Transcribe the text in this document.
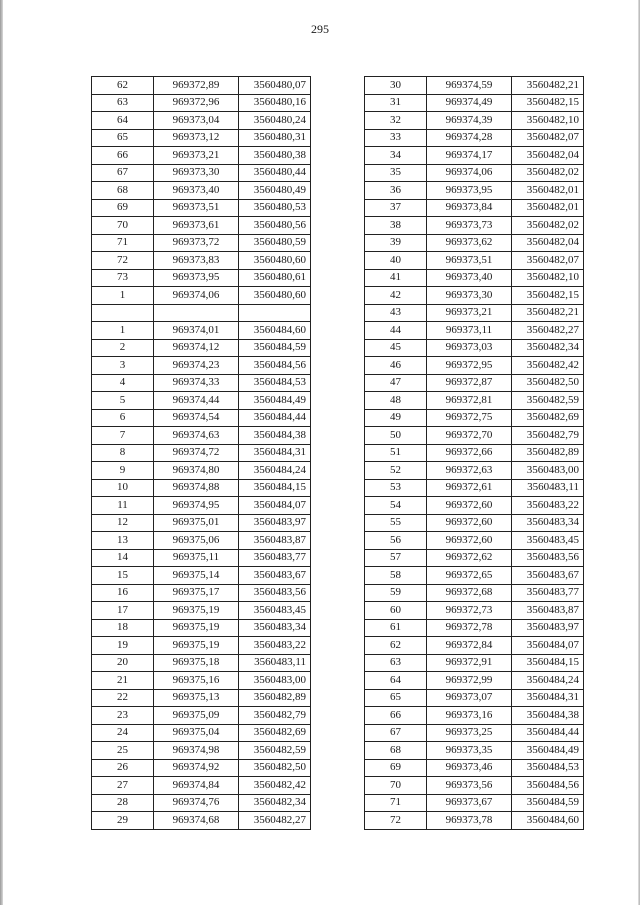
295
62	969372,89	3560480,07
63	969372,96	3560480,16
64	969373,04	3560480,24
65	969373,12	3560480,31
66	969373,21	3560480,38
67	969373,30	3560480,44
68	969373,40	3560480,49
69	969373,51	3560480,53
70	969373,61	3560480,56
71	969373,72	3560480,59
72	969373,83	3560480,60
73	969373,95	3560480,61
1	969374,06	3560480,60

1	969374,01	3560484,60
2	969374,12	3560484,59
3	969374,23	3560484,56
4	969374,33	3560484,53
5	969374,44	3560484,49
6	969374,54	3560484,44
7	969374,63	3560484,38
8	969374,72	3560484,31
9	969374,80	3560484,24
10	969374,88	3560484,15
11	969374,95	3560484,07
12	969375,01	3560483,97
13	969375,06	3560483,87
14	969375,11	3560483,77
15	969375,14	3560483,67
16	969375,17	3560483,56
17	969375,19	3560483,45
18	969375,19	3560483,34
19	969375,19	3560483,22
20	969375,18	3560483,11
21	969375,16	3560483,00
22	969375,13	3560482,89
23	969375,09	3560482,79
24	969375,04	3560482,69
25	969374,98	3560482,59
26	969374,92	3560482,50
27	969374,84	3560482,42
28	969374,76	3560482,34
29	969374,68	3560482,27
30	969374,59	3560482,21
31	969374,49	3560482,15
32	969374,39	3560482,10
33	969374,28	3560482,07
34	969374,17	3560482,04
35	969374,06	3560482,02
36	969373,95	3560482,01
37	969373,84	3560482,01
38	969373,73	3560482,02
39	969373,62	3560482,04
40	969373,51	3560482,07
41	969373,40	3560482,10
42	969373,30	3560482,15
43	969373,21	3560482,21
44	969373,11	3560482,27
45	969373,03	3560482,34
46	969372,95	3560482,42
47	969372,87	3560482,50
48	969372,81	3560482,59
49	969372,75	3560482,69
50	969372,70	3560482,79
51	969372,66	3560482,89
52	969372,63	3560483,00
53	969372,61	3560483,11
54	969372,60	3560483,22
55	969372,60	3560483,34
56	969372,60	3560483,45
57	969372,62	3560483,56
58	969372,65	3560483,67
59	969372,68	3560483,77
60	969372,73	3560483,87
61	969372,78	3560483,97
62	969372,84	3560484,07
63	969372,91	3560484,15
64	969372,99	3560484,24
65	969373,07	3560484,31
66	969373,16	3560484,38
67	969373,25	3560484,44
68	969373,35	3560484,49
69	969373,46	3560484,53
70	969373,56	3560484,56
71	969373,67	3560484,59
72	969373,78	3560484,60
